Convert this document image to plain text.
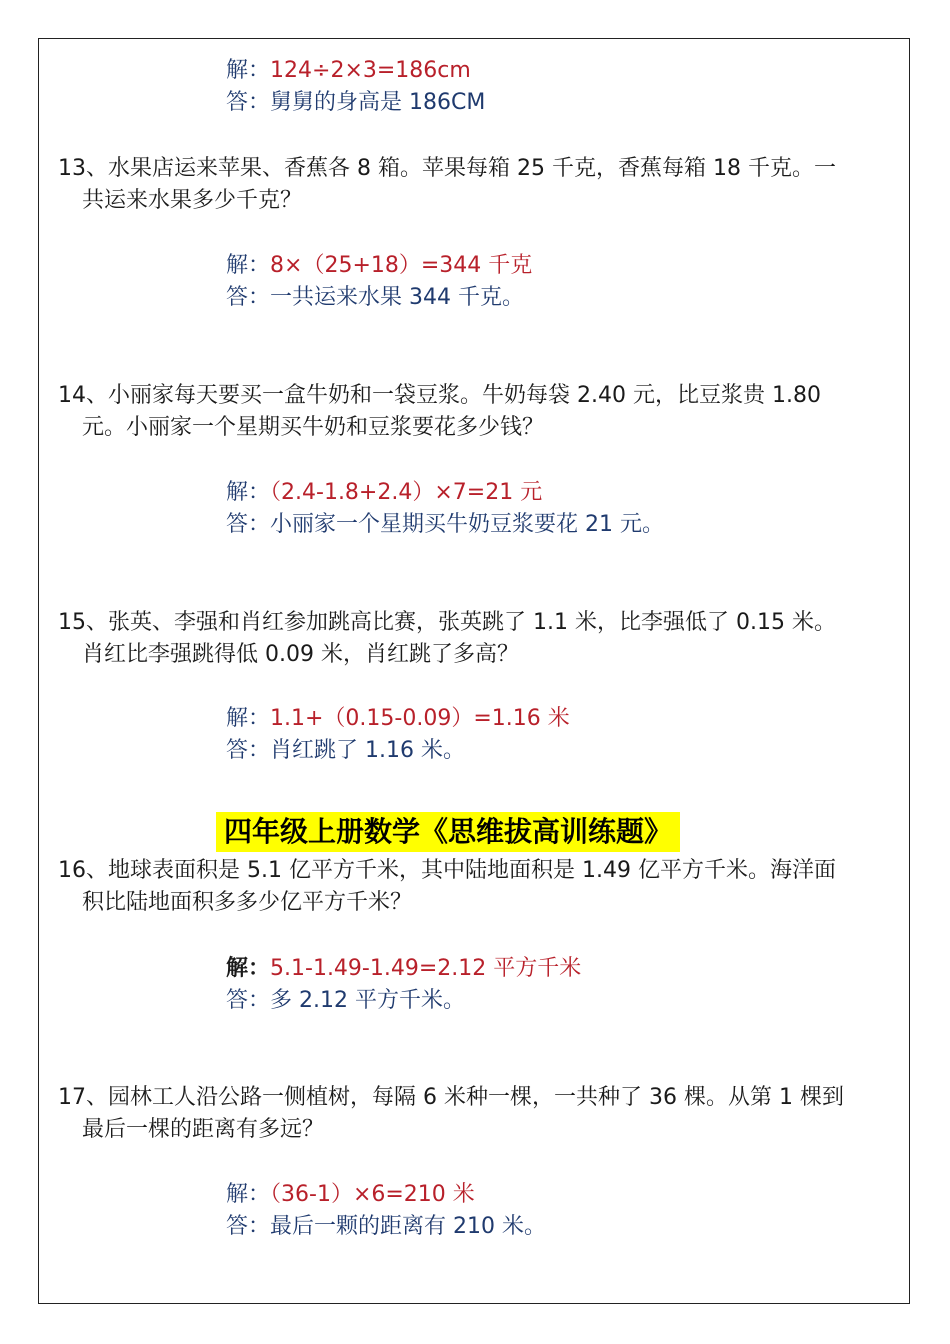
解：124÷2×3=186cm
答：舅舅的身高是 186CM
13、水果店运来苹果、香蕉各 8 箱。苹果每箱 25 千克，香蕉每箱 18 千克。一
共运来水果多少千克？
解：8×（25+18）=344 千克
答：一共运来水果 344 千克。
14、小丽家每天要买一盒牛奶和一袋豆浆。牛奶每袋 2.40 元，比豆浆贵 1.80
元。小丽家一个星期买牛奶和豆浆要花多少钱？
解：（2.4-1.8+2.4）×7=21 元
答：小丽家一个星期买牛奶豆浆要花 21 元。
15、张英、李强和肖红参加跳高比赛，张英跳了 1.1 米，比李强低了 0.15 米。
肖红比李强跳得低 0.09 米，肖红跳了多高？
解：1.1+（0.15-0.09）=1.16 米
答：肖红跳了 1.16 米。
四年级上册数学《思维拔高训练题》
16、地球表面积是 5.1 亿平方千米，其中陆地面积是 1.49 亿平方千米。海洋面
积比陆地面积多多少亿平方千米？
解：5.1-1.49-1.49=2.12 平方千米
答：多 2.12 平方千米。
17、园林工人沿公路一侧植树，每隔 6 米种一棵，一共种了 36 棵。从第 1 棵到
最后一棵的距离有多远？
解：（36-1）×6=210 米
答：最后一颗的距离有 210 米。
